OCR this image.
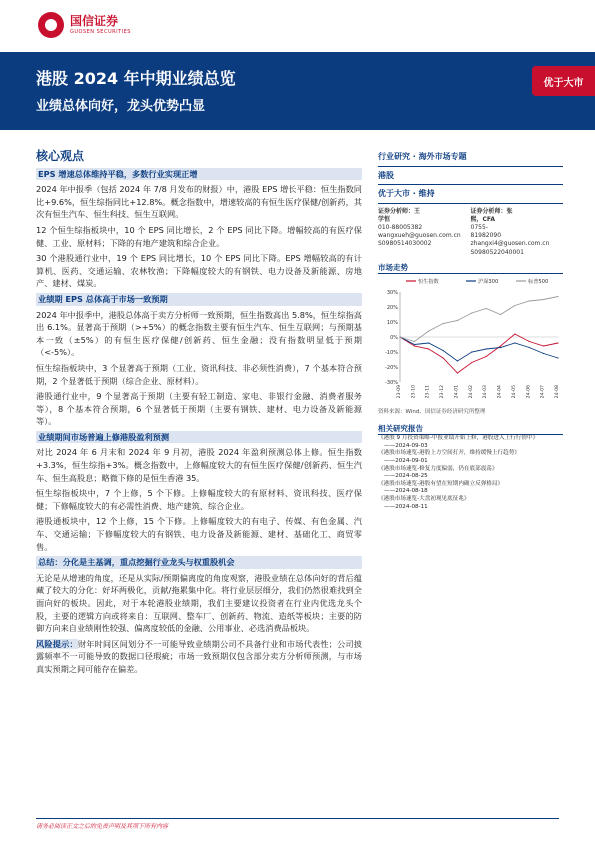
国信证券
GUOSEN SECURITIES
港股 2024 年中期业绩总览
业绩总体向好，龙头优势凸显
优于大市
核心观点
EPS 增速总体维持平稳，多数行业实现正增

2024 年中报季（包括 2024 年 7/8 月发布的财报）中，港股 EPS 增长平稳：恒生指数同比+9.6%，恒生综指同比+12.8%。概念指数中，增速较高的有恒生医疗保健/创新药，其次有恒生汽车、恒生科技、恒生互联网。

12 个恒生综指板块中，10 个 EPS 同比增长，2 个 EPS 同比下降。增幅较高的有医疗保健、工业、原材料；下降的有地产建筑和综合企业。

30 个港股通行业中，19 个 EPS 同比增长，10 个 EPS 同比下降。EPS 增幅较高的有计算机、医药、交通运输、农林牧渔；下降幅度较大的有钢铁、电力设备及新能源、房地产、建材、煤炭。

业绩期 EPS 总体高于市场一致预期

2024 年中报季中，港股总体高于卖方分析师一致预期，恒生指数高出 5.8%，恒生综指高出 6.1%。显著高于预期（>+5%）的概念指数主要有恒生汽车、恒生互联网；与预期基本一致（±5%）的有恒生医疗保健/创新药、恒生金融；没有指数明显低于预期（<-5%）。

恒生综指板块中，3 个显著高于预期（工业、资讯科技、非必须性消费），7 个基本符合预期，2 个显著低于预期（综合企业、原材料）。

港股通行业中，9 个显著高于预期（主要有轻工制造、家电、非银行金融、消费者服务等），8 个基本符合预期，6 个显著低于预期（主要有钢铁、建材、电力设备及新能源等）。

业绩期间市场普遍上修港股盈利预测

对比 2024 年 6 月末和 2024 年 9 月初，港股 2024 年盈利预测总体上修。恒生指数+3.3%，恒生综指+3%。概念指数中，上修幅度较大的有恒生医疗保健/创新药、恒生汽车、恒生高股息；略微下修的是恒生香港 35。

恒生综指板块中，7 个上修，5 个下修。上修幅度较大的有原材料、资讯科技、医疗保健；下修幅度较大的有必需性消费、地产建筑、综合企业。

港股通板块中，12 个上修，15 个下修。上修幅度较大的有电子、传媒、有色金属、汽车、交通运输；下修幅度较大的有钢铁、电力设备及新能源、建材、基础化工、商贸零售。

总结：分化是主基调，重点挖掘行业龙头与权重股机会

无论是从增速的角度，还是从实际/预期偏离度的角度观察，港股业绩在总体向好的背后蕴藏了较大的分化：好坏两极化，贡献/拖累集中化。将行业层层细分，我们仍然很难找到全面向好的板块。因此，对于本轮港股业绩期，我们主要建议投资者在行业内优选龙头个股，主要的逻辑方向或将来自：互联网、整车厂、创新药、物流、造纸等板块；主要的防御方向来自业绩刚性较强、偏离度较低的金融、公用事业、必选消费品板块。

风险提示：财年时间区间划分不一可能导致业绩期公司不具备行业和市场代表性；公司披露频率不一可能导致的数据口径瑕疵；市场一致预期仅包含部分卖方分析师预测，与市场真实预期之间可能存在偏差。

行业研究 · 海外市场专题
港股
优于大市 · 维持
证券分析师：王学恒
010-88005382
wangxueh@guosen.com.cn
S0980514030002
证券分析师：张熙，CFA
0755-81982090
zhangxi4@guosen.com.cn
S0980522040001
市场走势
30%
20%
10%
0%
-10%
-20%
-30%
23-09 23-10 23-11 23-12 24-01 24-02 24-03 24-04 24-05 24-06 24-07 24-08
恒生指数	沪深300	标普500
资料来源：Wind、国信证券经济研究所整理
相关研究报告
《港股 9 月投资策略-中报业绩开始上修，港股进入上行行情中》
——2024-09-03
《港股市场速览-港股上方空间打开，维持缓慢上行趋势》
——2024-09-01
《港股市场速览-修复力度偏弱，仍在底部震荡》
——2024-08-25
《港股市场速览-港股有望在短期内确立反弹格局》
——2024-08-18
《港股市场速览-大盘初现见底征兆》
——2024-08-11
请务必阅读正文之后的免责声明及其项下所有内容
